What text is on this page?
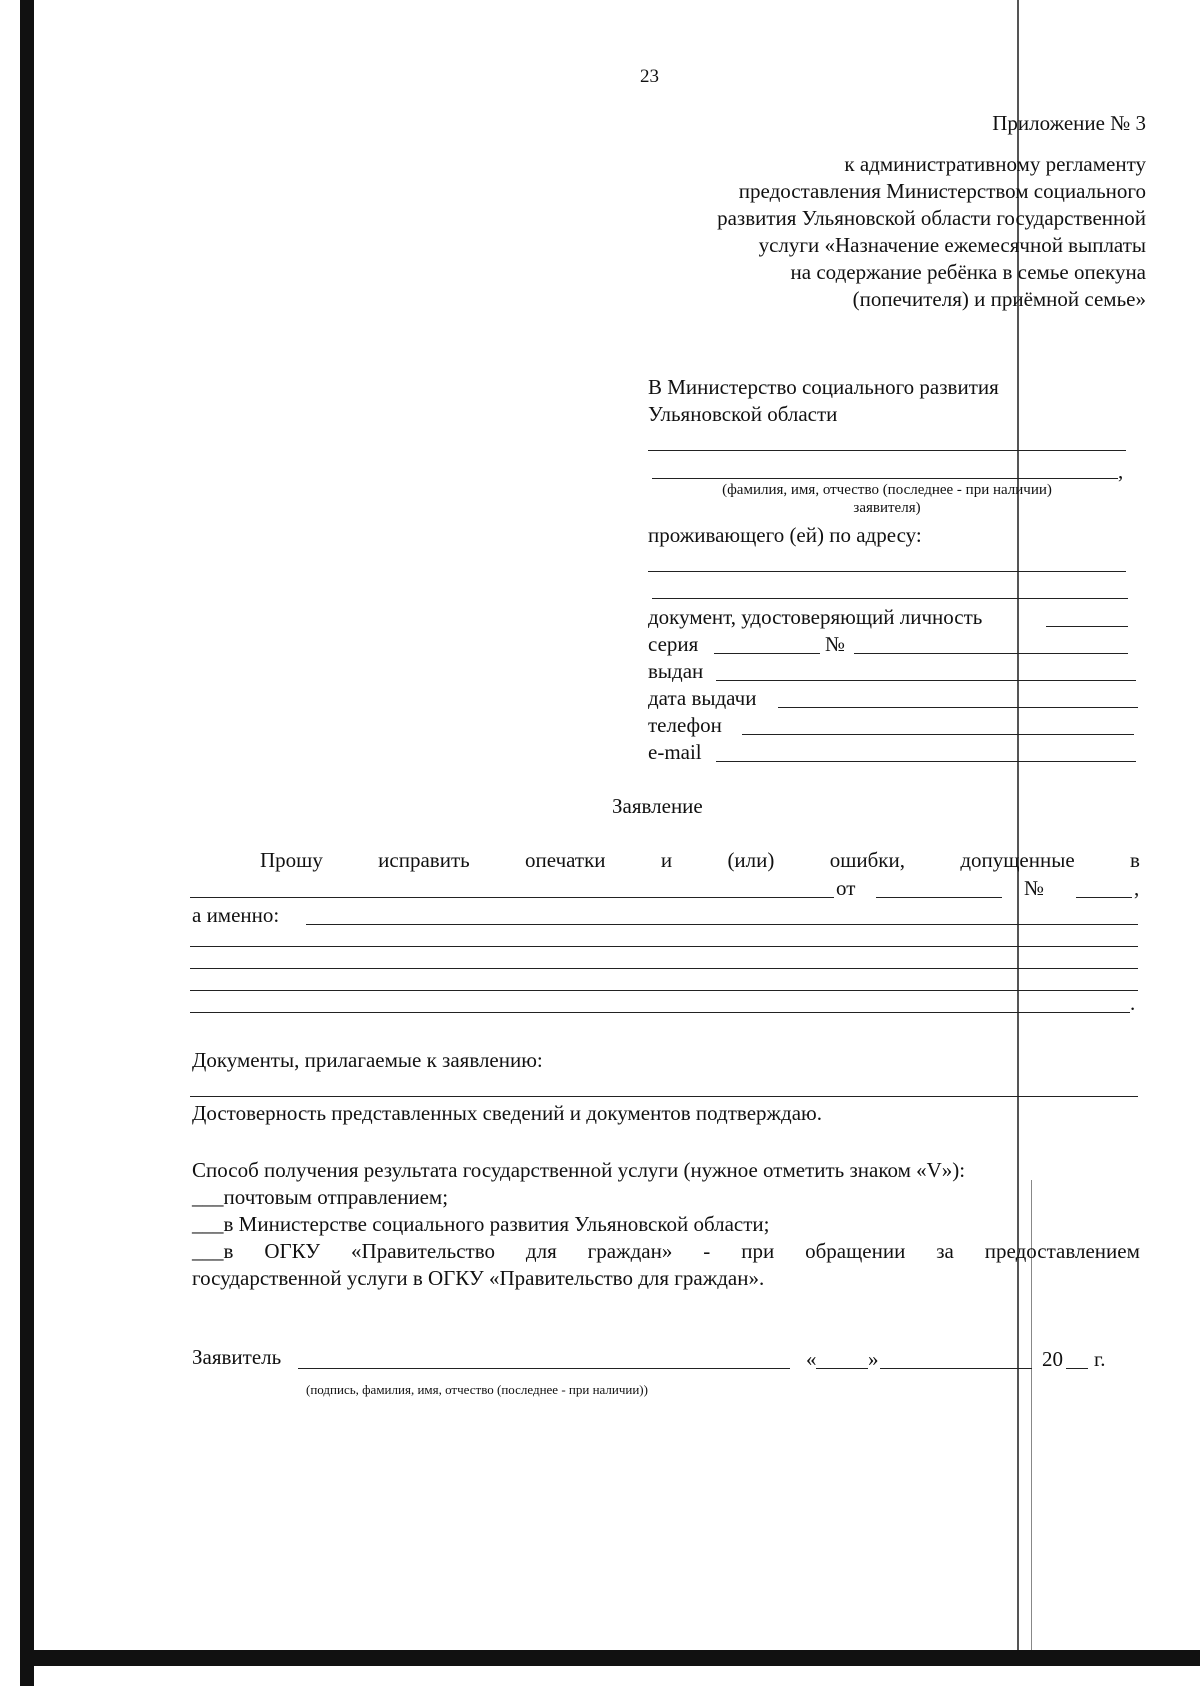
23
Приложение № 3
к административному регламенту
предоставления Министерством социального
развития Ульяновской области государственной
услуги «Назначение ежемесячной выплаты
на содержание ребёнка в семье опекуна
(попечителя) и приёмной семье»
В Министерство социального развития
Ульяновской области
,
(фамилия, имя, отчество (последнее - при наличии)
заявителя)
проживающего (ей) по адресу:
документ, удостоверяющий личность
серия	№
выдан
дата выдачи
телефон
e-mail
Заявление
Прошу	исправить	опечатки	и	(или)	ошибки,	допущенные	в
от	№	,
а именно:
.
Документы, прилагаемые к заявлению:
Достоверность представленных сведений и документов подтверждаю.
Способ получения результата государственной услуги (нужное отметить знаком «V»):
___почтовым отправлением;
___в Министерстве социального развития Ульяновской области;
___в ОГКУ «Правительство для граждан» - при обращении за предоставлением
государственной услуги в ОГКУ «Правительство для граждан».
Заявитель	« »	20 г.
(подпись, фамилия, имя, отчество (последнее - при наличии))
